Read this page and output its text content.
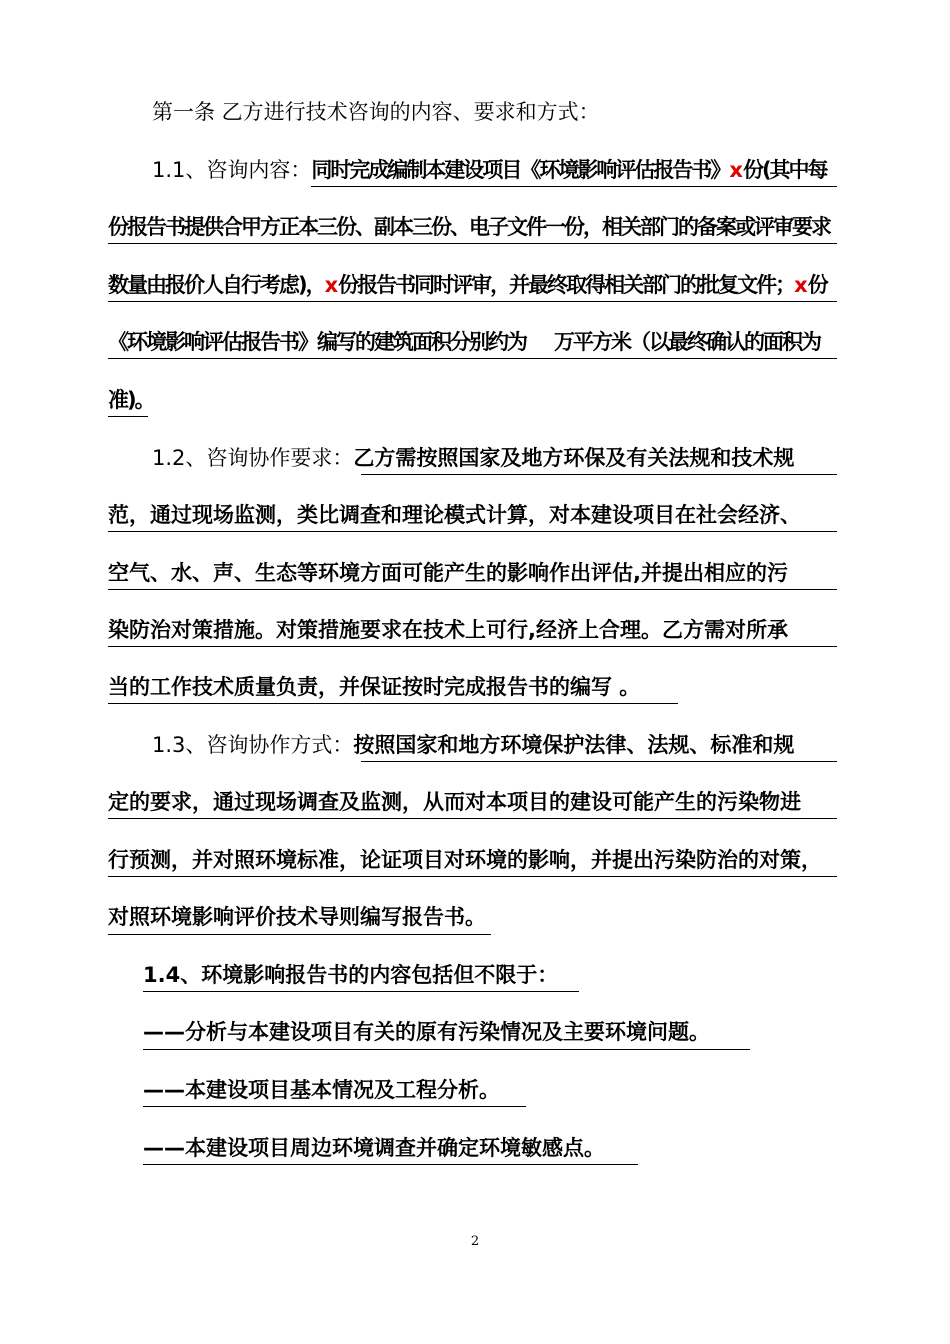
第一条 乙方进行技术咨询的内容、要求和方式：
1.1、咨询内容：同时完成编制本建设项目《环境影响评估报告书》x份(其中每
份报告书提供合甲方正本三份、副本三份、电子文件一份，相关部门的备案或评审要求
数量由报价人自行考虑)，x份报告书同时评审，并最终取得相关部门的批复文件；x份
《环境影响评估报告书》编写的建筑面积分别约为 万平方米（以最终确认的面积为
准)。
1.2、咨询协作要求：乙方需按照国家及地方环保及有关法规和技术规
范，通过现场监测，类比调查和理论模式计算，对本建设项目在社会经济、
空气、水、声、生态等环境方面可能产生的影响作出评估,并提出相应的污
染防治对策措施。对策措施要求在技术上可行,经济上合理。乙方需对所承
当的工作技术质量负责，并保证按时完成报告书的编写 。
1.3、咨询协作方式：按照国家和地方环境保护法律、法规、标准和规
定的要求，通过现场调查及监测，从而对本项目的建设可能产生的污染物进
行预测，并对照环境标准，论证项目对环境的影响，并提出污染防治的对策，
对照环境影响评价技术导则编写报告书。
1.4、环境影响报告书的内容包括但不限于：
——分析与本建设项目有关的原有污染情况及主要环境问题。
——本建设项目基本情况及工程分析。
——本建设项目周边环境调查并确定环境敏感点。
2
